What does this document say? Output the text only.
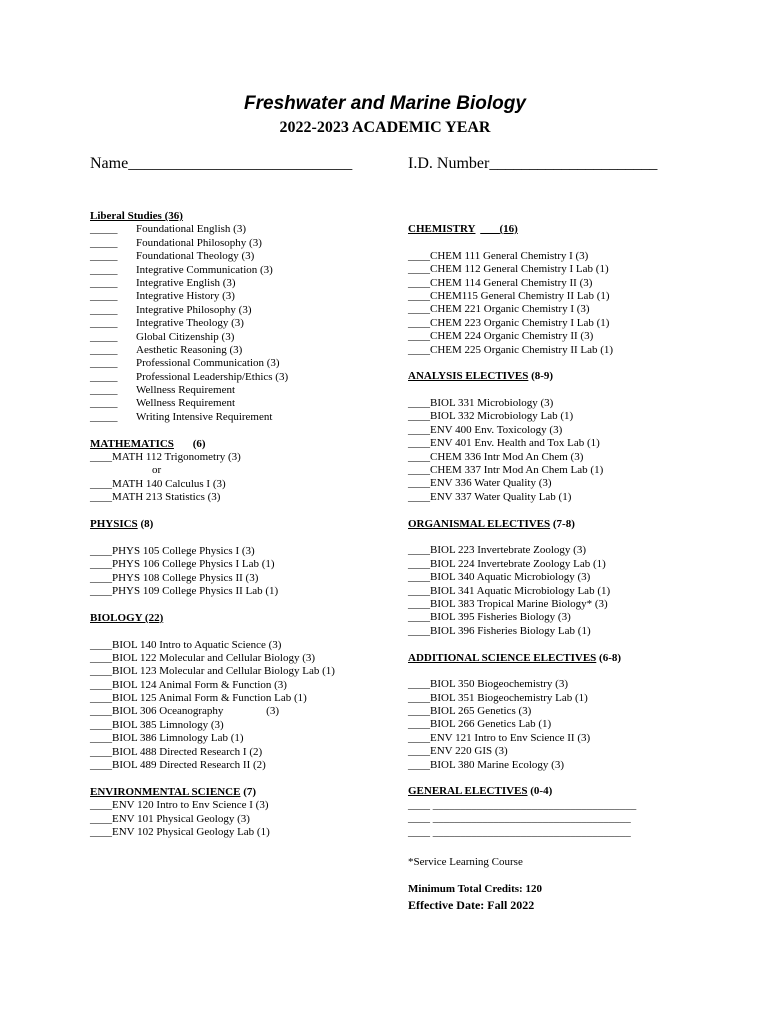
Freshwater and Marine Biology
2022-2023 ACADEMIC YEAR
Name____________________________	I.D. Number_____________________
Liberal Studies (36)
_____ Foundational English (3)
_____ Foundational Philosophy (3)
_____ Foundational Theology (3)
_____ Integrative Communication (3)
_____ Integrative English (3)
_____ Integrative History (3)
_____ Integrative Philosophy (3)
_____ Integrative Theology (3)
_____ Global Citizenship (3)
_____ Aesthetic Reasoning (3)
_____ Professional Communication (3)
_____ Professional Leadership/Ethics (3)
_____ Wellness Requirement
_____ Wellness Requirement
_____ Writing Intensive Requirement
MATHEMATICS (6)
____MATH 112 Trigonometry (3)
or
____MATH 140 Calculus I (3)
____MATH 213 Statistics (3)
PHYSICS (8)
____PHYS 105 College Physics I (3)
____PHYS 106 College Physics I Lab (1)
____PHYS 108 College Physics II (3)
____PHYS 109 College Physics II Lab (1)
BIOLOGY (22)
____BIOL 140 Intro to Aquatic Science (3)
____BIOL 122 Molecular and Cellular Biology (3)
____BIOL 123 Molecular and Cellular Biology Lab (1)
____BIOL 124 Animal Form & Function (3)
____BIOL 125 Animal Form & Function Lab (1)
____BIOL 306 Oceanography	(3)
____BIOL 385 Limnology (3)
____BIOL 386 Limnology Lab (1)
____BIOL 488 Directed Research I (2)
____BIOL 489 Directed Research II (2)
ENVIRONMENTAL SCIENCE (7)
____ENV 120 Intro to Env Science I (3)
____ENV 101 Physical Geology (3)
____ENV 102 Physical Geology Lab (1)
CHEMISTRY (16)
____CHEM 111 General Chemistry I (3)
____CHEM 112 General Chemistry I Lab (1)
____CHEM 114 General Chemistry II (3)
____CHEM115 General Chemistry II Lab (1)
____CHEM 221 Organic Chemistry I (3)
____CHEM 223 Organic Chemistry I Lab (1)
____CHEM 224 Organic Chemistry II (3)
____CHEM 225 Organic Chemistry II Lab (1)
ANALYSIS ELECTIVES (8-9)
____BIOL 331 Microbiology (3)
____BIOL 332 Microbiology Lab (1)
____ENV 400 Env. Toxicology (3)
____ENV 401 Env. Health and Tox Lab (1)
____CHEM 336 Intr Mod An Chem (3)
____CHEM 337 Intr Mod An Chem Lab (1)
____ENV 336 Water Quality (3)
____ENV 337 Water Quality Lab (1)
ORGANISMAL ELECTIVES (7-8)
____BIOL 223 Invertebrate Zoology (3)
____BIOL 224 Invertebrate Zoology Lab (1)
____BIOL 340 Aquatic Microbiology (3)
____BIOL 341 Aquatic Microbiology Lab (1)
____BIOL 383 Tropical Marine Biology* (3)
____BIOL 395 Fisheries Biology (3)
____BIOL 396 Fisheries Biology Lab (1)
ADDITIONAL SCIENCE ELECTIVES (6-8)
____BIOL 350 Biogeochemistry (3)
____BIOL 351 Biogeochemistry Lab (1)
____BIOL 265 Genetics (3)
____BIOL 266 Genetics Lab (1)
____ENV 121 Intro to Env Science II (3)
____ENV 220 GIS (3)
____BIOL 380 Marine Ecology (3)
GENERAL ELECTIVES (0-4)
____ _____________________________________
____ ____________________________________
____ ____________________________________
*Service Learning Course
Minimum Total Credits: 120
Effective Date: Fall 2022
